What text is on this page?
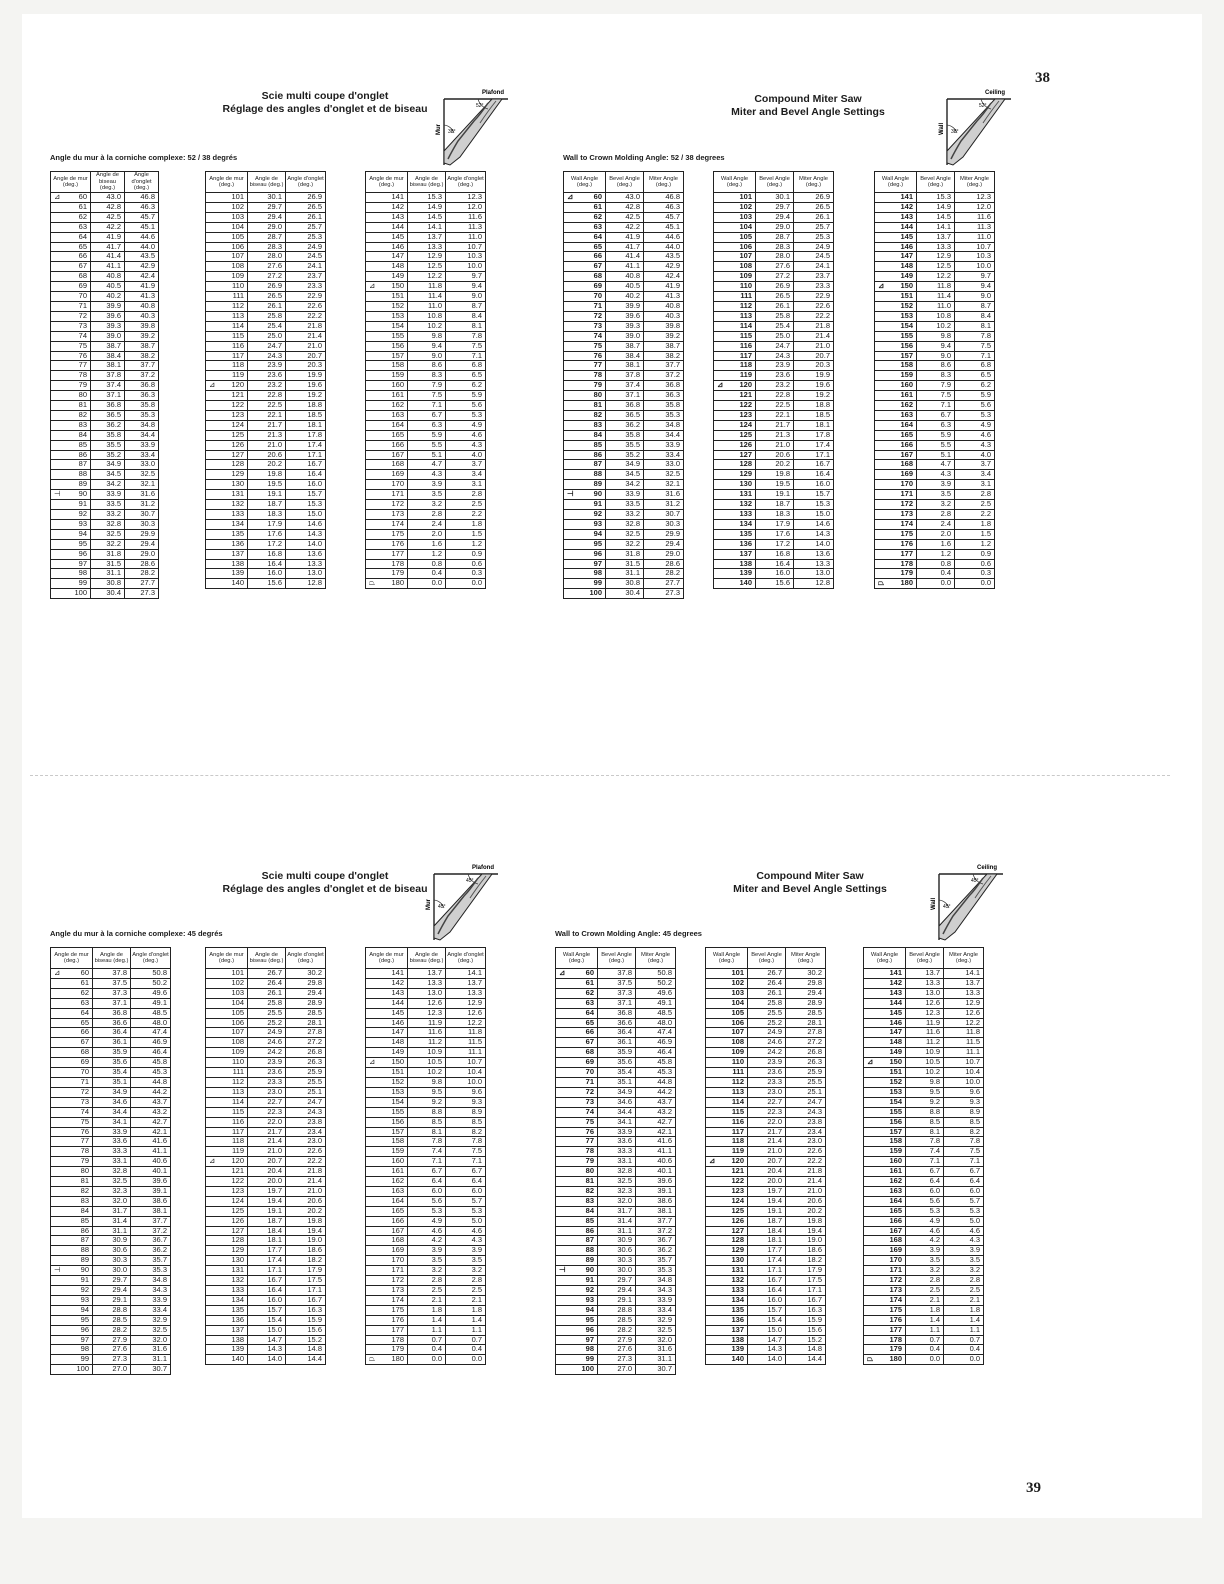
38
39
Scie multi coupe d'onglet
Réglage des angles d'onglet et de biseau	52°
38°
Plafond
Mur
Angle du mur à la corniche complexe: 52 / 38 degrés
Angle de mur (deg.)	Angle de biseau (deg.)	Angle d'onglet (deg.)

⊿ 60	43.0	46.8
61	42.8	46.3
62	42.5	45.7
63	42.2	45.1
64	41.9	44.6
65	41.7	44.0
66	41.4	43.5
67	41.1	42.9
68	40.8	42.4
69	40.5	41.9
70	40.2	41.3
71	39.9	40.8
72	39.6	40.3
73	39.3	39.8
74	39.0	39.2
75	38.7	38.7
76	38.4	38.2
77	38.1	37.7
78	37.8	37.2
79	37.4	36.8
80	37.1	36.3
81	36.8	35.8
82	36.5	35.3
83	36.2	34.8
84	35.8	34.4
85	35.5	33.9
86	35.2	33.4
87	34.9	33.0
88	34.5	32.5
89	34.2	32.1

⊣ 90	33.9	31.6
91	33.5	31.2
92	33.2	30.7
93	32.8	30.3
94	32.5	29.9
95	32.2	29.4
96	31.8	29.0
97	31.5	28.6
98	31.1	28.2
99	30.8	27.7
100	30.4	27.3
Angle de mur (deg.)	Angle de biseau (deg.)	Angle d'onglet (deg.)
101	30.1	26.9
102	29.7	26.5
103	29.4	26.1
104	29.0	25.7
105	28.7	25.3
106	28.3	24.9
107	28.0	24.5
108	27.6	24.1
109	27.2	23.7
110	26.9	23.3
111	26.5	22.9
112	26.1	22.6
113	25.8	22.2
114	25.4	21.8
115	25.0	21.4
116	24.7	21.0
117	24.3	20.7
118	23.9	20.3
119	23.6	19.9

⊿ 120	23.2	19.6
121	22.8	19.2
122	22.5	18.8
123	22.1	18.5
124	21.7	18.1
125	21.3	17.8
126	21.0	17.4
127	20.6	17.1
128	20.2	16.7
129	19.8	16.4
130	19.5	16.0
131	19.1	15.7
132	18.7	15.3
133	18.3	15.0
134	17.9	14.6
135	17.6	14.3
136	17.2	14.0
137	16.8	13.6
138	16.4	13.3
139	16.0	13.0
140	15.6	12.8
Angle de mur (deg.)	Angle de biseau (deg.)	Angle d'onglet (deg.)
141	15.3	12.3
142	14.9	12.0
143	14.5	11.6
144	14.1	11.3
145	13.7	11.0
146	13.3	10.7
147	12.9	10.3
148	12.5	10.0
149	12.2	9.7

⊿ 150	11.8	9.4
151	11.4	9.0
152	11.0	8.7
153	10.8	8.4
154	10.2	8.1
155	9.8	7.8
156	9.4	7.5
157	9.0	7.1
158	8.6	6.8
159	8.3	6.5
160	7.9	6.2
161	7.5	5.9
162	7.1	5.6
163	6.7	5.3
164	6.3	4.9
165	5.9	4.6
166	5.5	4.3
167	5.1	4.0
168	4.7	3.7
169	4.3	3.4
170	3.9	3.1
171	3.5	2.8
172	3.2	2.5
173	2.8	2.2
174	2.4	1.8
175	2.0	1.5
176	1.6	1.2
177	1.2	0.9
178	0.8	0.6
179	0.4	0.3

⏢ 180	0.0	0.0
Compound Miter Saw
Miter and Bevel Angle Settings	52°
38°
Ceiling
Wall
Wall to Crown Molding Angle: 52 / 38 degrees
Wall Angle (deg.)	Bevel Angle (deg.)	Miter Angle (deg.)

⊿ 60	43.0	46.8
61	42.8	46.3
62	42.5	45.7
63	42.2	45.1
64	41.9	44.6
65	41.7	44.0
66	41.4	43.5
67	41.1	42.9
68	40.8	42.4
69	40.5	41.9
70	40.2	41.3
71	39.9	40.8
72	39.6	40.3
73	39.3	39.8
74	39.0	39.2
75	38.7	38.7
76	38.4	38.2
77	38.1	37.7
78	37.8	37.2
79	37.4	36.8
80	37.1	36.3
81	36.8	35.8
82	36.5	35.3
83	36.2	34.8
84	35.8	34.4
85	35.5	33.9
86	35.2	33.4
87	34.9	33.0
88	34.5	32.5
89	34.2	32.1

⊣ 90	33.9	31.6
91	33.5	31.2
92	33.2	30.7
93	32.8	30.3
94	32.5	29.9
95	32.2	29.4
96	31.8	29.0
97	31.5	28.6
98	31.1	28.2
99	30.8	27.7
100	30.4	27.3
Wall Angle (deg.)	Bevel Angle (deg.)	Miter Angle (deg.)
101	30.1	26.9
102	29.7	26.5
103	29.4	26.1
104	29.0	25.7
105	28.7	25.3
106	28.3	24.9
107	28.0	24.5
108	27.6	24.1
109	27.2	23.7
110	26.9	23.3
111	26.5	22.9
112	26.1	22.6
113	25.8	22.2
114	25.4	21.8
115	25.0	21.4
116	24.7	21.0
117	24.3	20.7
118	23.9	20.3
119	23.6	19.9

⊿ 120	23.2	19.6
121	22.8	19.2
122	22.5	18.8
123	22.1	18.5
124	21.7	18.1
125	21.3	17.8
126	21.0	17.4
127	20.6	17.1
128	20.2	16.7
129	19.8	16.4
130	19.5	16.0
131	19.1	15.7
132	18.7	15.3
133	18.3	15.0
134	17.9	14.6
135	17.6	14.3
136	17.2	14.0
137	16.8	13.6
138	16.4	13.3
139	16.0	13.0
140	15.6	12.8
Wall Angle (deg.)	Bevel Angle (deg.)	Miter Angle (deg.)
141	15.3	12.3
142	14.9	12.0
143	14.5	11.6
144	14.1	11.3
145	13.7	11.0
146	13.3	10.7
147	12.9	10.3
148	12.5	10.0
149	12.2	9.7

⊿ 150	11.8	9.4
151	11.4	9.0
152	11.0	8.7
153	10.8	8.4
154	10.2	8.1
155	9.8	7.8
156	9.4	7.5
157	9.0	7.1
158	8.6	6.8
159	8.3	6.5
160	7.9	6.2
161	7.5	5.9
162	7.1	5.6
163	6.7	5.3
164	6.3	4.9
165	5.9	4.6
166	5.5	4.3
167	5.1	4.0
168	4.7	3.7
169	4.3	3.4
170	3.9	3.1
171	3.5	2.8
172	3.2	2.5
173	2.8	2.2
174	2.4	1.8
175	2.0	1.5
176	1.6	1.2
177	1.2	0.9
178	0.8	0.6
179	0.4	0.3

⏢ 180	0.0	0.0
Scie multi coupe d'onglet
Réglage des angles d'onglet et de biseau
45°
45°
Plafond
Mur
Angle du mur à la corniche complexe: 45 degrés
Angle de mur (deg.)	Angle de biseau (deg.)	Angle d'onglet (deg.)

⊿ 60	37.8	50.8
61	37.5	50.2
62	37.3	49.6
63	37.1	49.1
64	36.8	48.5
65	36.6	48.0
66	36.4	47.4
67	36.1	46.9
68	35.9	46.4
69	35.6	45.8
70	35.4	45.3
71	35.1	44.8
72	34.9	44.2
73	34.6	43.7
74	34.4	43.2
75	34.1	42.7
76	33.9	42.1
77	33.6	41.6
78	33.3	41.1
79	33.1	40.6
80	32.8	40.1
81	32.5	39.6
82	32.3	39.1
83	32.0	38.6
84	31.7	38.1
85	31.4	37.7
86	31.1	37.2
87	30.9	36.7
88	30.6	36.2
89	30.3	35.7

⊣ 90	30.0	35.3
91	29.7	34.8
92	29.4	34.3
93	29.1	33.9
94	28.8	33.4
95	28.5	32.9
96	28.2	32.5
97	27.9	32.0
98	27.6	31.6
99	27.3	31.1
100	27.0	30.7
Angle de mur (deg.)	Angle de biseau (deg.)	Angle d'onglet (deg.)
101	26.7	30.2
102	26.4	29.8
103	26.1	29.4
104	25.8	28.9
105	25.5	28.5
106	25.2	28.1
107	24.9	27.8
108	24.6	27.2
109	24.2	26.8
110	23.9	26.3
111	23.6	25.9
112	23.3	25.5
113	23.0	25.1
114	22.7	24.7
115	22.3	24.3
116	22.0	23.8
117	21.7	23.4
118	21.4	23.0
119	21.0	22.6

⊿ 120	20.7	22.2
121	20.4	21.8
122	20.0	21.4
123	19.7	21.0
124	19.4	20.6
125	19.1	20.2
126	18.7	19.8
127	18.4	19.4
128	18.1	19.0
129	17.7	18.6
130	17.4	18.2
131	17.1	17.9
132	16.7	17.5
133	16.4	17.1
134	16.0	16.7
135	15.7	16.3
136	15.4	15.9
137	15.0	15.6
138	14.7	15.2
139	14.3	14.8
140	14.0	14.4
Angle de mur (deg.)	Angle de biseau (deg.)	Angle d'onglet (deg.)
141	13.7	14.1
142	13.3	13.7
143	13.0	13.3
144	12.6	12.9
145	12.3	12.6
146	11.9	12.2
147	11.6	11.8
148	11.2	11.5
149	10.9	11.1

⊿ 150	10.5	10.7
151	10.2	10.4
152	9.8	10.0
153	9.5	9.6
154	9.2	9.3
155	8.8	8.9
156	8.5	8.5
157	8.1	8.2
158	7.8	7.8
159	7.4	7.5
160	7.1	7.1
161	6.7	6.7
162	6.4	6.4
163	6.0	6.0
164	5.6	5.7
165	5.3	5.3
166	4.9	5.0
167	4.6	4.6
168	4.2	4.3
169	3.9	3.9
170	3.5	3.5
171	3.2	3.2
172	2.8	2.8
173	2.5	2.5
174	2.1	2.1
175	1.8	1.8
176	1.4	1.4
177	1.1	1.1
178	0.7	0.7
179	0.4	0.4

⏢ 180	0.0	0.0
Compound Miter Saw
Miter and Bevel Angle Settings
45°
45°
Ceiling
Wall
Wall to Crown Molding Angle: 45 degrees
Wall Angle (deg.)	Bevel Angle (deg.)	Miter Angle (deg.)

⊿ 60	37.8	50.8
61	37.5	50.2
62	37.3	49.6
63	37.1	49.1
64	36.8	48.5
65	36.6	48.0
66	36.4	47.4
67	36.1	46.9
68	35.9	46.4
69	35.6	45.8
70	35.4	45.3
71	35.1	44.8
72	34.9	44.2
73	34.6	43.7
74	34.4	43.2
75	34.1	42.7
76	33.9	42.1
77	33.6	41.6
78	33.3	41.1
79	33.1	40.6
80	32.8	40.1
81	32.5	39.6
82	32.3	39.1
83	32.0	38.6
84	31.7	38.1
85	31.4	37.7
86	31.1	37.2
87	30.9	36.7
88	30.6	36.2
89	30.3	35.7

⊣ 90	30.0	35.3
91	29.7	34.8
92	29.4	34.3
93	29.1	33.9
94	28.8	33.4
95	28.5	32.9
96	28.2	32.5
97	27.9	32.0
98	27.6	31.6
99	27.3	31.1
100	27.0	30.7
Wall Angle (deg.)	Bevel Angle (deg.)	Miter Angle (deg.)
101	26.7	30.2
102	26.4	29.8
103	26.1	29.4
104	25.8	28.9
105	25.5	28.5
106	25.2	28.1
107	24.9	27.8
108	24.6	27.2
109	24.2	26.8
110	23.9	26.3
111	23.6	25.9
112	23.3	25.5
113	23.0	25.1
114	22.7	24.7
115	22.3	24.3
116	22.0	23.8
117	21.7	23.4
118	21.4	23.0
119	21.0	22.6

⊿ 120	20.7	22.2
121	20.4	21.8
122	20.0	21.4
123	19.7	21.0
124	19.4	20.6
125	19.1	20.2
126	18.7	19.8
127	18.4	19.4
128	18.1	19.0
129	17.7	18.6
130	17.4	18.2
131	17.1	17.9
132	16.7	17.5
133	16.4	17.1
134	16.0	16.7
135	15.7	16.3
136	15.4	15.9
137	15.0	15.6
138	14.7	15.2
139	14.3	14.8
140	14.0	14.4
Wall Angle (deg.)	Bevel Angle (deg.)	Miter Angle (deg.)
141	13.7	14.1
142	13.3	13.7
143	13.0	13.3
144	12.6	12.9
145	12.3	12.6
146	11.9	12.2
147	11.6	11.8
148	11.2	11.5
149	10.9	11.1

⊿ 150	10.5	10.7
151	10.2	10.4
152	9.8	10.0
153	9.5	9.6
154	9.2	9.3
155	8.8	8.9
156	8.5	8.5
157	8.1	8.2
158	7.8	7.8
159	7.4	7.5
160	7.1	7.1
161	6.7	6.7
162	6.4	6.4
163	6.0	6.0
164	5.6	5.7
165	5.3	5.3
166	4.9	5.0
167	4.6	4.6
168	4.2	4.3
169	3.9	3.9
170	3.5	3.5
171	3.2	3.2
172	2.8	2.8
173	2.5	2.5
174	2.1	2.1
175	1.8	1.8
176	1.4	1.4
177	1.1	1.1
178	0.7	0.7
179	0.4	0.4

⏢ 180	0.0	0.0
